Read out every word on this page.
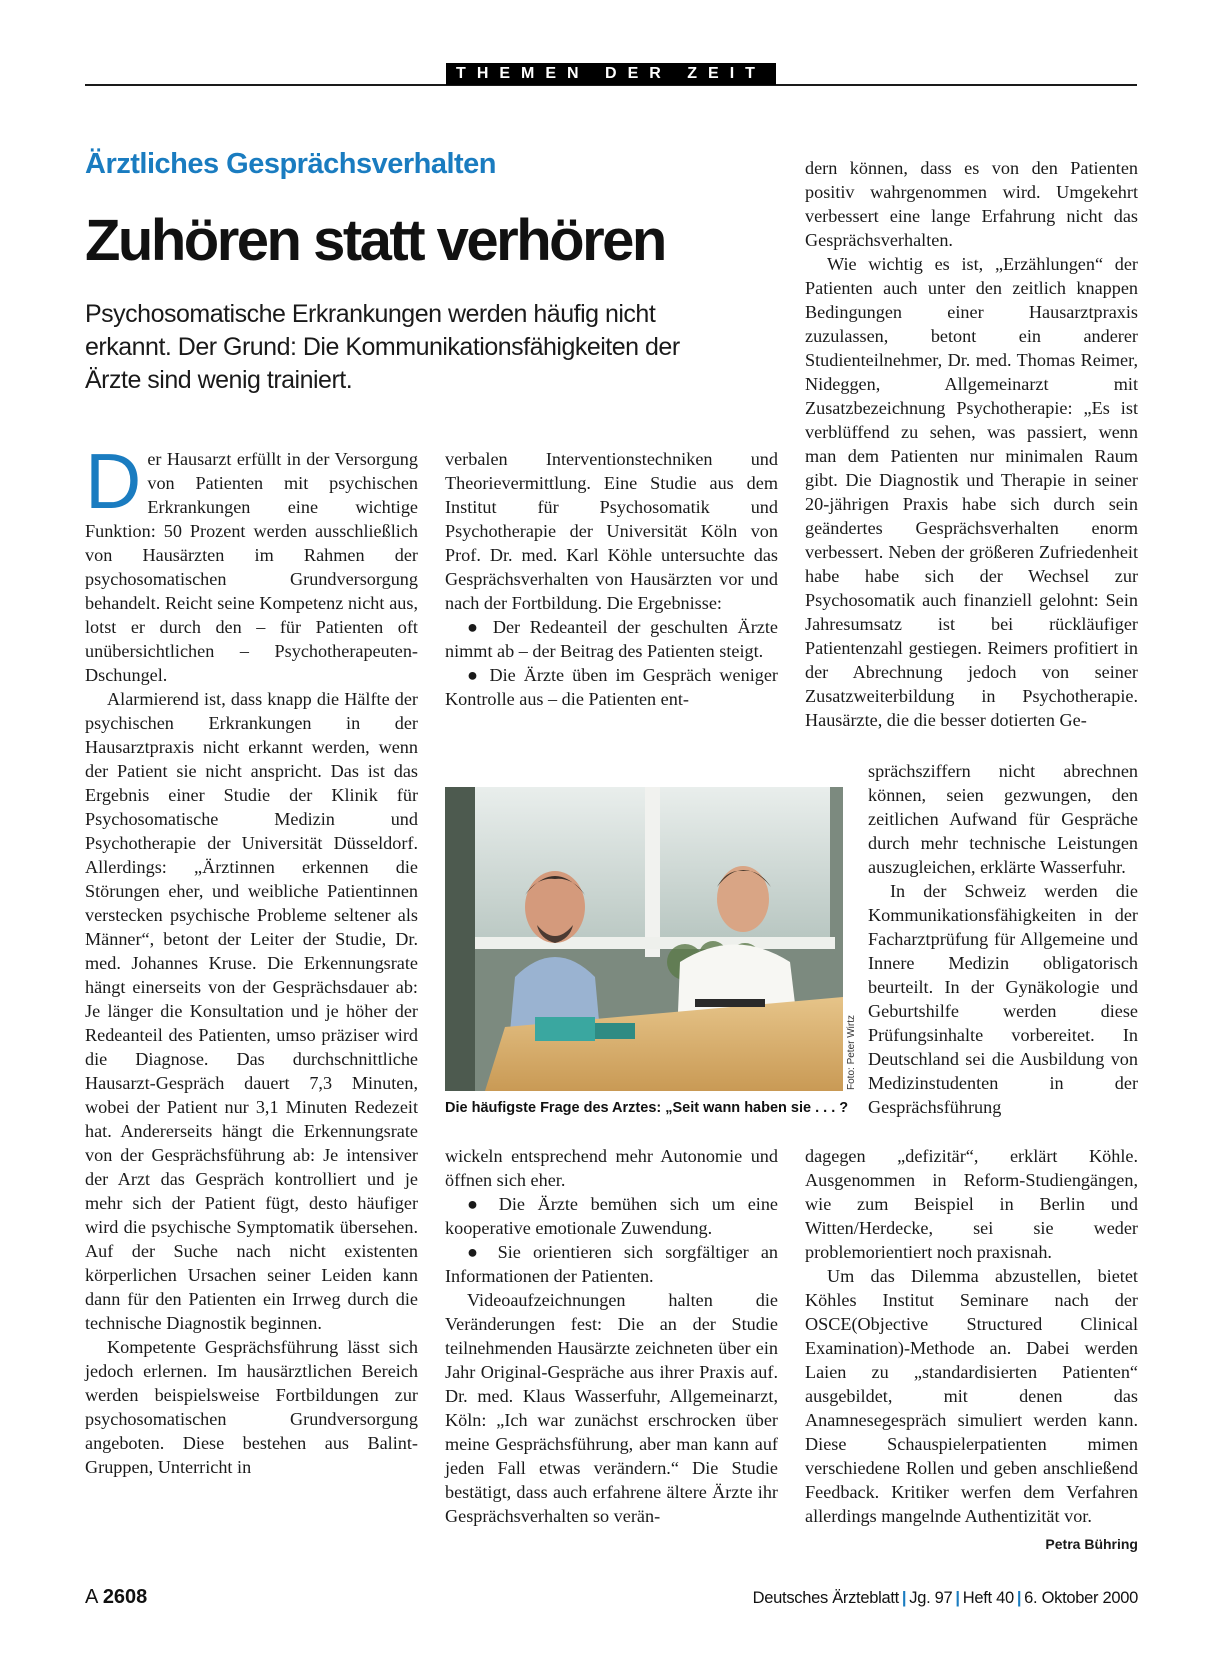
THEMEN DER ZEIT
Ärztliches Gesprächsverhalten
Zuhören statt verhören
Psychosomatische Erkrankungen werden häufig nicht erkannt. Der Grund: Die Kommunikationsfähigkeiten der Ärzte sind wenig trainiert.

Der Hausarzt erfüllt in der Versorgung von Patienten mit psychischen Erkrankungen eine wichtige Funktion: 50 Prozent werden ausschließlich von Hausärzten im Rahmen der psychosomatischen Grundversorgung behandelt. Reicht seine Kompetenz nicht aus, lotst er durch den – für Patienten oft unübersichtlichen – Psychotherapeuten-Dschungel.

Alarmierend ist, dass knapp die Hälfte der psychischen Erkrankungen in der Hausarztpraxis nicht erkannt werden, wenn der Patient sie nicht anspricht. Das ist das Ergebnis einer Studie der Klinik für Psychosomatische Medizin und Psychotherapie der Universität Düsseldorf. Allerdings: „Ärztinnen erkennen die Störungen eher, und weibliche Patientinnen verstecken psychische Probleme seltener als Männer“, betont der Leiter der Studie, Dr. med. Johannes Kruse. Die Erkennungsrate hängt einerseits von der Gesprächsdauer ab: Je länger die Konsultation und je höher der Redeanteil des Patienten, umso präziser wird die Diagnose. Das durchschnittliche Hausarzt-Gespräch dauert 7,3 Minuten, wobei der Patient nur 3,1 Minuten Redezeit hat. Andererseits hängt die Erkennungsrate von der Gesprächsführung ab: Je intensiver der Arzt das Gespräch kontrolliert und je mehr sich der Patient fügt, desto häufiger wird die psychische Symptomatik übersehen. Auf der Suche nach nicht existenten körperlichen Ursachen seiner Leiden kann dann für den Patienten ein Irrweg durch die technische Diagnostik beginnen.

Kompetente Gesprächsführung lässt sich jedoch erlernen. Im hausärztlichen Bereich werden beispielsweise Fortbildungen zur psychosomatischen Grundversorgung angeboten. Diese bestehen aus Balint-Gruppen, Unterricht in

verbalen Interventionstechniken und Theorievermittlung. Eine Studie aus dem Institut für Psychosomatik und Psychotherapie der Universität Köln von Prof. Dr. med. Karl Köhle untersuchte das Gesprächsverhalten von Hausärzten vor und nach der Fortbildung. Die Ergebnisse:

● Der Redeanteil der geschulten Ärzte nimmt ab – der Beitrag des Patienten steigt.

● Die Ärzte üben im Gespräch weniger Kontrolle aus – die Patienten ent-

Foto: Peter Wirtz
Die häufigste Frage des Arztes: „Seit wann haben sie . . . ?

wickeln entsprechend mehr Autonomie und öffnen sich eher.

● Die Ärzte bemühen sich um eine kooperative emotionale Zuwendung.

● Sie orientieren sich sorgfältiger an Informationen der Patienten.

Videoaufzeichnungen halten die Veränderungen fest: Die an der Studie teilnehmenden Hausärzte zeichneten über ein Jahr Original-Gespräche aus ihrer Praxis auf. Dr. med. Klaus Wasserfuhr, Allgemeinarzt, Köln: „Ich war zunächst erschrocken über meine Gesprächsführung, aber man kann auf jeden Fall etwas verändern.“ Die Studie bestätigt, dass auch erfahrene ältere Ärzte ihr Gesprächsverhalten so verän-

dern können, dass es von den Patienten positiv wahrgenommen wird. Umgekehrt verbessert eine lange Erfahrung nicht das Gesprächsverhalten.

Wie wichtig es ist, „Erzählungen“ der Patienten auch unter den zeitlich knappen Bedingungen einer Hausarztpraxis zuzulassen, betont ein anderer Studienteilnehmer, Dr. med. Thomas Reimer, Nideggen, Allgemeinarzt mit Zusatzbezeichnung Psychotherapie: „Es ist verblüffend zu sehen, was passiert, wenn man dem Patienten nur minimalen Raum gibt. Die Diagnostik und Therapie in seiner 20-jährigen Praxis habe sich durch sein geändertes Gesprächsverhalten enorm verbessert. Neben der größeren Zufriedenheit habe habe sich der Wechsel zur Psychosomatik auch finanziell gelohnt: Sein Jahresumsatz ist bei rückläufiger Patientenzahl gestiegen. Reimers profitiert in der Abrechnung jedoch von seiner Zusatzweiterbildung in Psychotherapie. Hausärzte, die die besser dotierten Ge-

sprächsziffern nicht abrechnen können, seien gezwungen, den zeitlichen Aufwand für Gespräche durch mehr technische Leistungen auszugleichen, erklärte Wasserfuhr.

In der Schweiz werden die Kommunikationsfähigkeiten in der Facharztprüfung für Allgemeine und Innere Medizin obligatorisch beurteilt. In der Gynäkologie und Geburtshilfe werden diese Prüfungsinhalte vorbereitet. In Deutschland sei die Ausbildung von Medizinstudenten in der Gesprächsführung

dagegen „defizitär“, erklärt Köhle. Ausgenommen in Reform-Studiengängen, wie zum Beispiel in Berlin und Witten/Herdecke, sei sie weder problemorientiert noch praxisnah.

Um das Dilemma abzustellen, bietet Köhles Institut Seminare nach der OSCE(Objective Structured Clinical Examination)-Methode an. Dabei werden Laien zu „standardisierten Patienten“ ausgebildet, mit denen das Anamnesegespräch simuliert werden kann. Diese Schauspielerpatienten mimen verschiedene Rollen und geben anschließend Feedback. Kritiker werfen dem Verfahren allerdings mangelnde Authentizität vor.
Petra Bühring

A 2608	Deutsches Ärzteblatt | Jg. 97 | Heft 40 | 6. Oktober 2000
